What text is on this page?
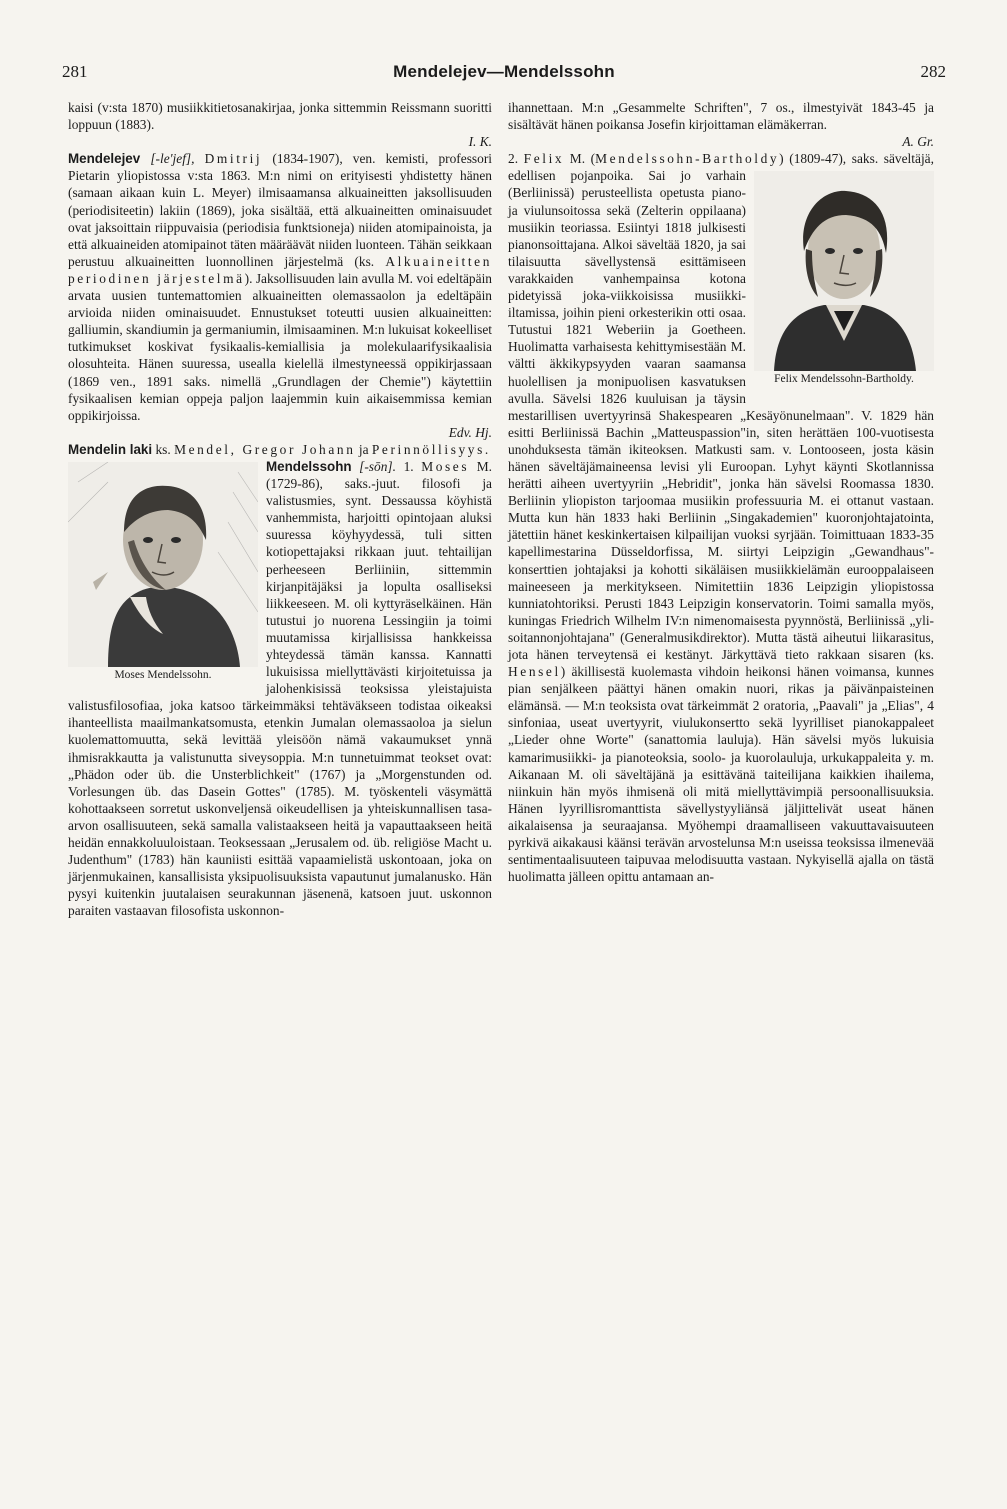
281	Mendelejev—Mendelssohn	282

kaisi (v:sta 1870) musiikkitietosanakirjaa, jonka sittemmin Reissmann suoritti loppuun (1883).

I. K.

Mendelejev [-le'jef], Dmitrij (1834-1907), ven. kemisti, professori Pietarin yliopistossa v:sta 1863. M:n nimi on erityisesti yhdistetty hänen (samaan aikaan kuin L. Meyer) ilmisaamansa alkuaineitten jaksollisuuden (periodisiteetin) lakiin (1869), joka sisältää, että alkuaineitten ominaisuudet ovat jaksoittain riippuvaisia (periodisia funktsioneja) niiden atomipainoista, ja että alkuaineiden atomipainot täten määräävät niiden luonteen. Tähän seikkaan perustuu alkuaineitten luonnollinen järjestelmä (ks. Alkuaineitten periodinen järjestelmä). Jaksollisuuden lain avulla M. voi edeltäpäin arvata uusien tuntemattomien alkuaineitten olemassaolon ja edeltäpäin arvioida niiden ominaisuudet. Ennustukset toteutti uusien alkuaineitten: galliumin, skandiumin ja germaniumin, ilmisaaminen. M:n lukuisat kokeelliset tutkimukset koskivat fysikaalis-kemiallisia ja molekulaarifysikaalisia olosuhteita. Hänen suuressa, usealla kielellä ilmestyneessä oppikirjassaan (1869 ven., 1891 saks. nimellä „Grundlagen der Chemie") käytettiin fysikaalisen kemian oppeja paljon laajemmin kuin aikaisemmissa kemian oppikirjoissa.

Edv. Hj.

Mendelin laki ks. Mendel, Gregor Johann ja Perinnöllisyys.

Mendelssohn [-sōn]. 1. Moses
Moses Mendelssohn.
M. (1729-86), saks.-juut. filosofi ja valistusmies, synt. Dessaussa köyhistä vanhemmista, harjoitti opintojaan aluksi suuressa köyhyydessä, tuli sitten kotiopettajaksi rikkaan juut. tehtailijan perheeseen Berliiniin, sittemmin kirjanpitäjäksi ja lopulta osalliseksi liikkeeseen. M. oli kyttyräselkäinen. Hän tutustui jo nuorena Lessingiin ja toimi muutamissa kirjallisissa hankkeissa yhteydessä tämän kanssa. Kannatti lukuisissa miellyttävästi kirjoitetuissa ja jalohenkisissä teoksissa yleistajuista valistusfilosofiaa, joka katsoo tärkeimmäksi tehtäväkseen todistaa oikeaksi ihanteellista maailmankatsomusta, etenkin Jumalan olemassaoloa ja sielun kuolemattomuutta, sekä levittää yleisöön nämä vakaumukset ynnä ihmisrakkautta ja valistunutta siveysoppia. M:n tunnetuimmat teokset ovat: „Phädon oder üb. die Unsterblichkeit" (1767) ja „Morgenstunden od. Vorlesungen üb. das Dasein Gottes" (1785). M. työskenteli väsymättä kohottaakseen sorretut uskonveljensä oikeudellisen ja yhteiskunnallisen tasa-arvon osallisuuteen, sekä samalla valistaakseen heitä ja vapauttaakseen heitä heidän ennakkoluuloistaan. Teoksessaan „Jerusalem od. üb. religiöse Macht u. Judenthum" (1783) hän kauniisti esittää vapaamielistä uskontoaan, joka on järjenmukainen, kansallisista yksipuolisuuksista vapautunut jumalanusko. Hän pysyi kuitenkin juutalaisen seurakunnan jäsenenä, katsoen juut. uskonnon paraiten vastaavan filosofista uskonnon-

ihannettaan. M:n „Gesammelte Schriften", 7 os., ilmestyivät 1843-45 ja sisältävät hänen poikansa Josefin kirjoittaman elämäkerran.

A. Gr.

2. Felix M. (Mendelssohn-Bartholdy)
Felix Mendelssohn-Bartholdy.
(1809-47), saks. säveltäjä, edellisen pojanpoika. Sai jo varhain (Berliinissä) perusteellista opetusta piano- ja viulunsoitossa sekä (Zelterin oppilaana) musiikin teoriassa. Esiintyi 1818 julkisesti pianonsoittajana. Alkoi säveltää 1820, ja sai tilaisuutta sävellystensä esittämiseen varakkaiden vanhempainsa kotona pidetyissä joka-viikkoisissa musiikki-iltamissa, joihin pieni orkesterikin otti osaa. Tutustui 1821 Weberiin ja Goetheen. Huolimatta varhaisesta kehittymisestään M. vältti äkkikypsyyden vaaran saamansa huolellisen ja monipuolisen kasvatuksen avulla. Sävelsi 1826 kuuluisan ja täysin mestarillisen uvertyyrinsä Shakespearen „Kesäyönunelmaan". V. 1829 hän esitti Berliinissä Bachin „Matteuspassion"in, siten herättäen 100-vuotisesta unohduksesta tämän ikiteoksen. Matkusti sam. v. Lontooseen, josta käsin hänen säveltäjämaineensa levisi yli Euroopan. Lyhyt käynti Skotlannissa herätti aiheen uvertyyriin „Hebridit", jonka hän sävelsi Roomassa 1830. Berliinin yliopiston tarjoomaa musiikin professuuria M. ei ottanut vastaan. Mutta kun hän 1833 haki Berliinin „Singakademien" kuoronjohtajatointa, jätettiin hänet keskinkertaisen kilpailijan vuoksi syrjään. Toimittuaan 1833-35 kapellimestarina Düsseldorfissa, M. siirtyi Leipzigin „Gewandhaus"-konserttien johtajaksi ja kohotti sikäläisen musiikkielämän eurooppalaiseen maineeseen ja merkitykseen. Nimitettiin 1836 Leipzigin yliopistossa kunniatohtoriksi. Perusti 1843 Leipzigin konservatorin. Toimi samalla myös, kuningas Friedrich Wilhelm IV:n nimenomaisesta pyynnöstä, Berliinissä „yli-soitannonjohtajana" (Generalmusikdirektor). Mutta tästä aiheutui liikarasitus, jota hänen terveytensä ei kestänyt. Järkyttävä tieto rakkaan sisaren (ks. Hensel) äkillisestä kuolemasta vihdoin heikonsi hänen voimansa, kunnes pian senjälkeen päättyi hänen omakin nuori, rikas ja päivänpaisteinen elämänsä. — M:n teoksista ovat tärkeimmät 2 oratoria, „Paavali" ja „Elias", 4 sinfoniaa, useat uvertyyrit, viulukonsertto sekä lyyrilliset pianokappaleet „Lieder ohne Worte" (sanattomia lauluja). Hän sävelsi myös lukuisia kamarimusiikki- ja pianoteoksia, soolo- ja kuorolauluja, urkukappaleita y. m. Aikanaan M. oli säveltäjänä ja esittävänä taiteilijana kaikkien ihailema, niinkuin hän myös ihmisenä oli mitä miellyttävimpiä persoonallisuuksia. Hänen lyyrillisromanttista sävellystyyliänsä jäljittelivät useat hänen aikalaisensa ja seuraajansa. Myöhempi draamalliseen vakuuttavaisuuteen pyrkivä aikakausi käänsi terävän arvostelunsa M:n useissa teoksissa ilmenevää sentimentaalisuuteen taipuvaa melodisuutta vastaan. Nykyisellä ajalla on tästä huolimatta jälleen opittu antamaan an-
